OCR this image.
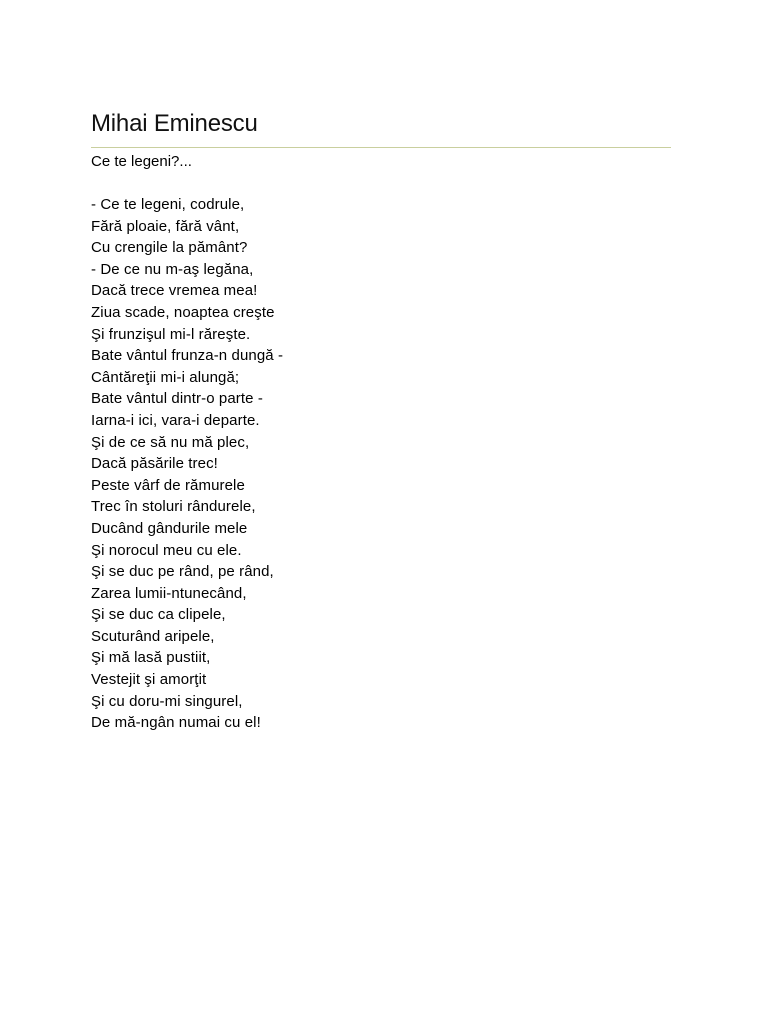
Mihai Eminescu
Ce te legeni?...
- Ce te legeni, codrule,
Fără ploaie, fără vânt,
Cu crengile la pământ?
- De ce nu m-aş legăna,
Dacă trece vremea mea!
Ziua scade, noaptea creşte
Şi frunzişul mi-l răreşte.
Bate vântul frunza-n dungă -
Cântăreţii mi-i alungă;
Bate vântul dintr-o parte -
Iarna-i ici, vara-i departe.
Şi de ce să nu mă plec,
Dacă păsările trec!
Peste vârf de rămurele
Trec în stoluri rândurele,
Ducând gândurile mele
Şi norocul meu cu ele.
Şi se duc pe rând, pe rând,
Zarea lumii-ntunecând,
Şi se duc ca clipele,
Scuturând aripele,
Şi mă lasă pustiit,
Vestejit şi amorţit
Şi cu doru-mi singurel,
De mă-ngân numai cu el!
